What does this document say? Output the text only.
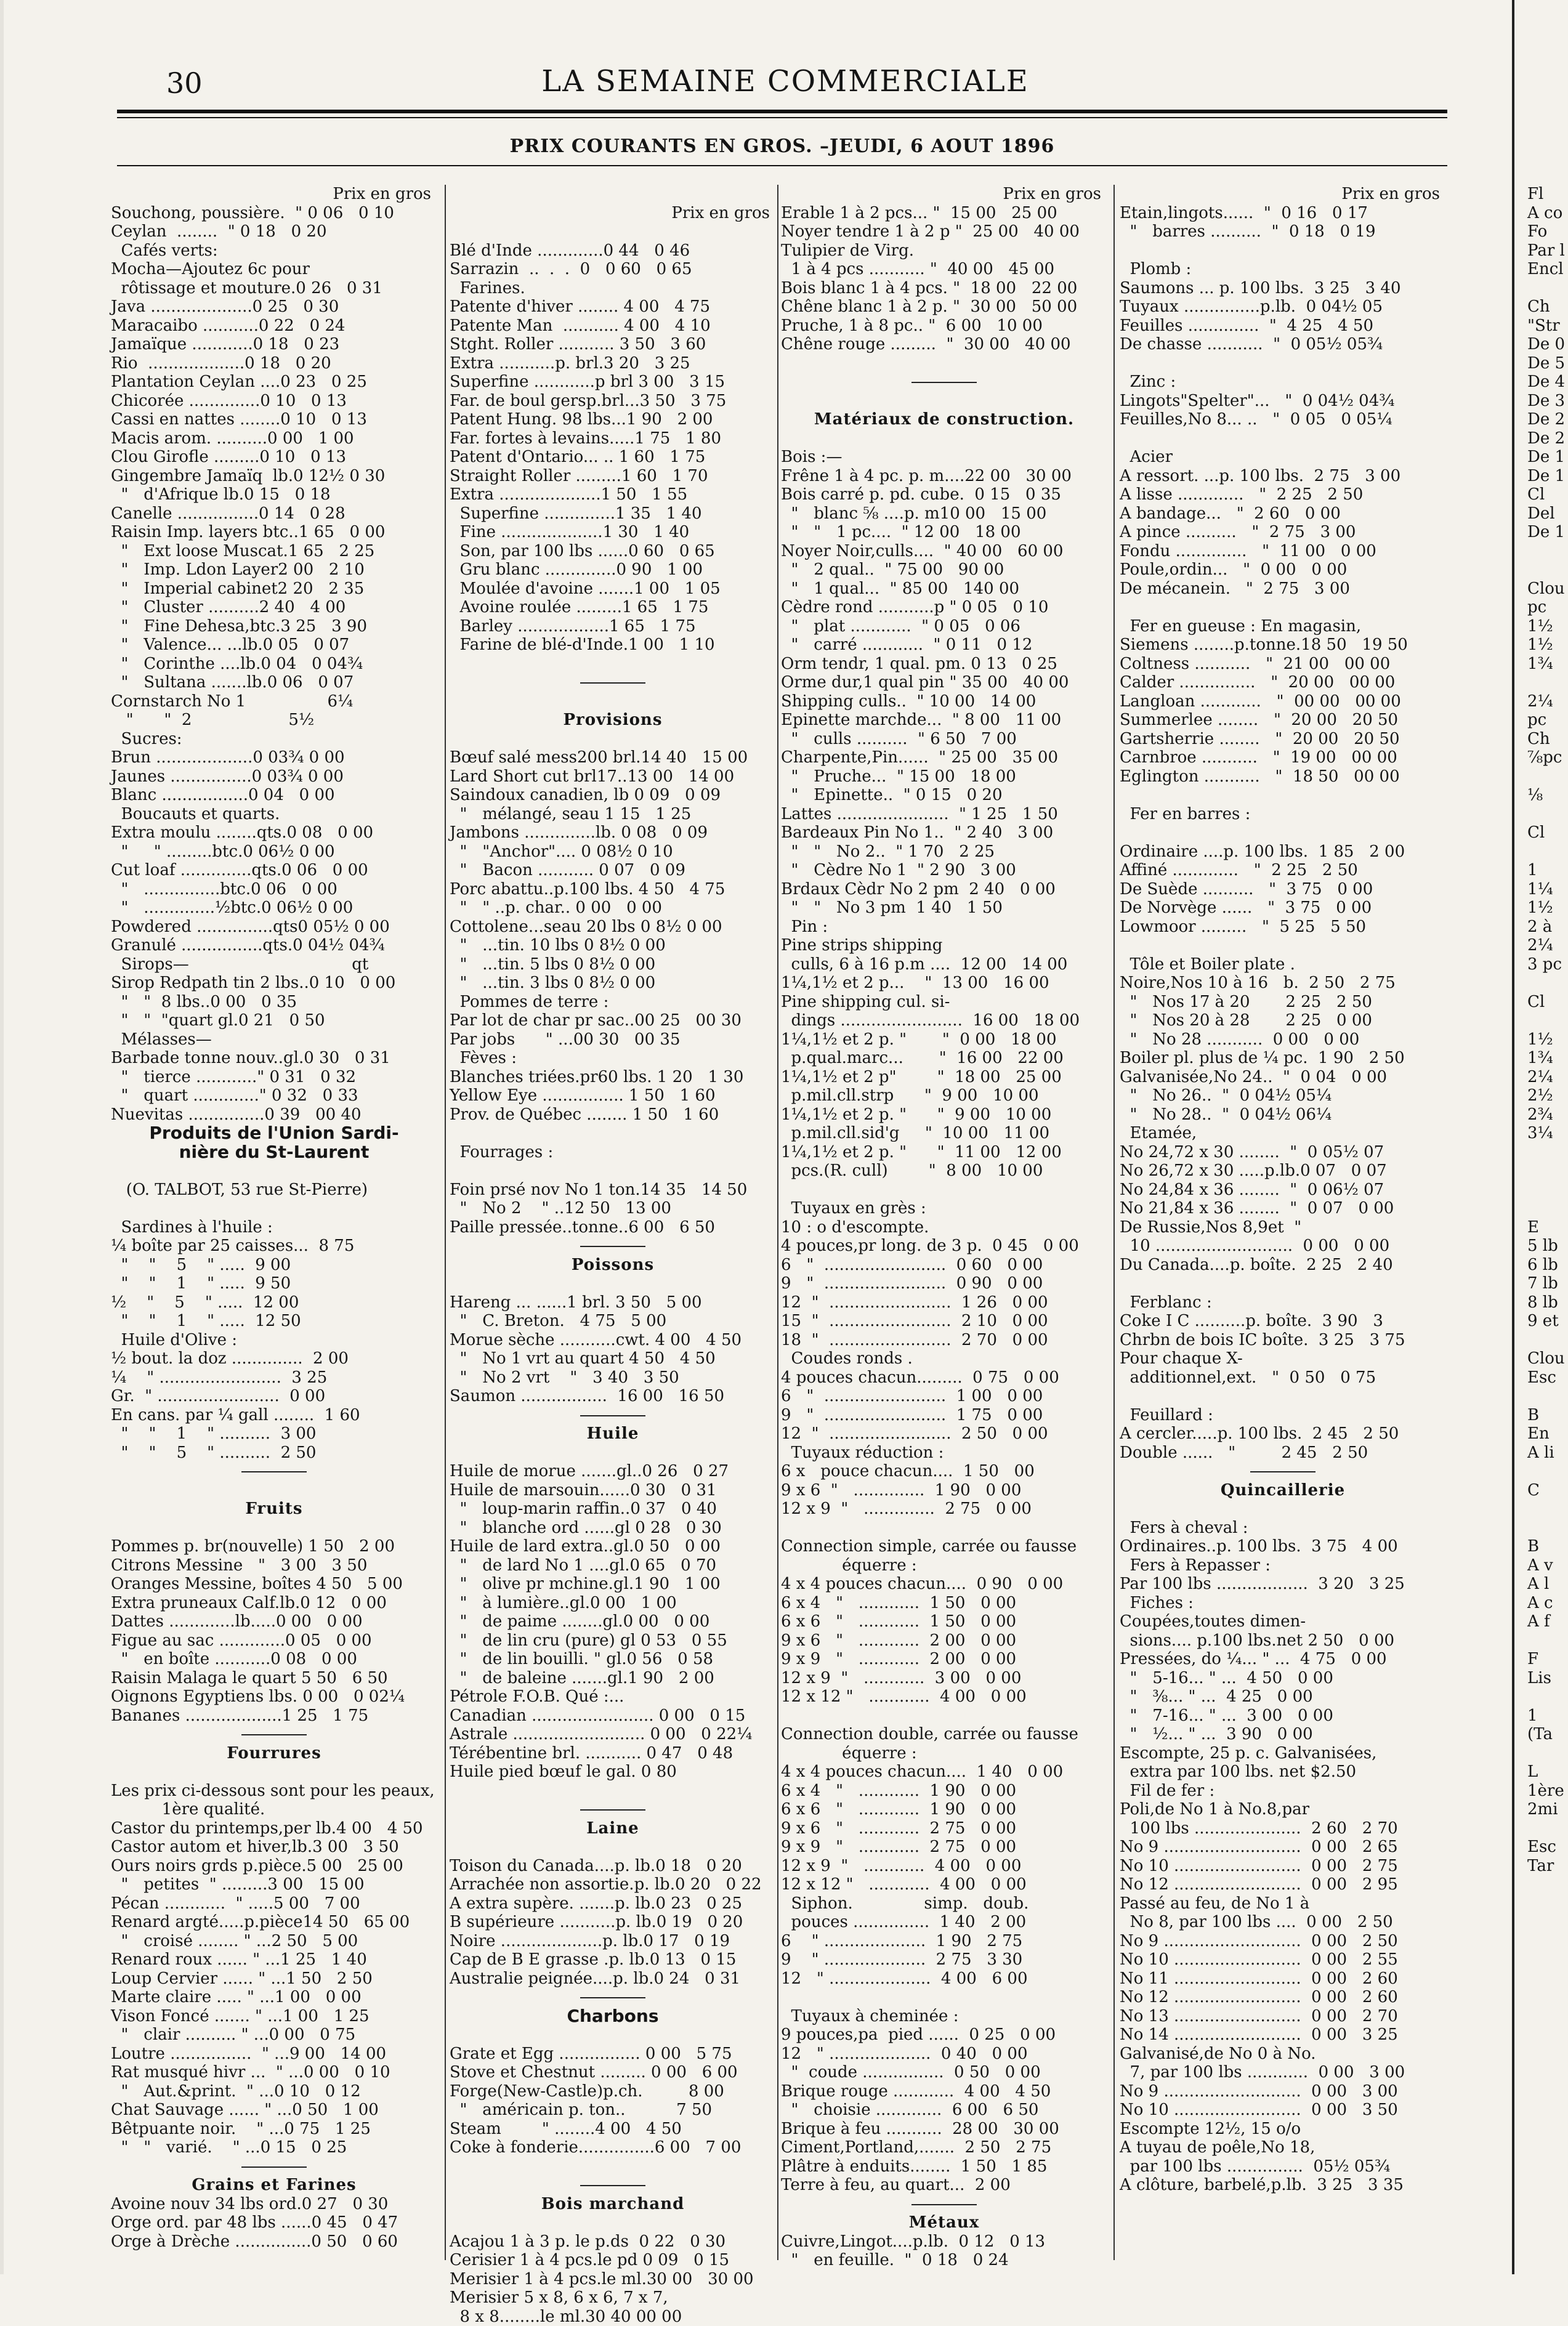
30	LA SEMAINE COMMERCIALE
PRIX COURANTS EN GROS. –JEUDI, 6 AOUT 1896
Prix en gros
Souchong, poussière.  " 0 06   0 10
Ceylan  ........  " 0 18   0 20
Cafés verts:
Mocha—Ajoutez 6c pour
rôtissage et mouture.0 26   0 31
Java ....................0 25   0 30
Maracaibo ...........0 22   0 24
Jamaïque ............0 18   0 23
Rio  ...................0 18   0 20
Plantation Ceylan ....0 23   0 25
Chicorée ..............0 10   0 13
Cassi en nattes ........0 10   0 13
Macis arom. ..........0 00   1 00
Clou Girofle .........0 10   0 13
Gingembre Jamaïq  lb.0 12½ 0 30
"   d'Afrique lb.0 15   0 18
Canelle ................0 14   0 28
Raisin Imp. layers btc..1 65   0 00
"   Ext loose Muscat.1 65   2 25
"   Imp. Ldon Layer2 00   2 10
"   Imperial cabinet2 20   2 35
"   Cluster ..........2 40   4 00
"   Fine Dehesa,btc.3 25   3 90
"   Valence... ...lb.0 05   0 07
"   Corinthe ....lb.0 04   0 04¾
"   Sultana .......lb.0 06   0 07
Cornstarch No 1                6¼
"      "  2                   5½
Sucres:
Brun ...................0 03¾ 0 00
Jaunes ................0 03¾ 0 00
Blanc .................0 04   0 00
Boucauts et quarts.
Extra moulu ........qts.0 08   0 00
"     " .........btc.0 06½ 0 00
Cut loaf ..............qts.0 06   0 00
"   ...............btc.0 06   0 00
"   ..............½btc.0 06½ 0 00
Powdered ...............qts0 05½ 0 00
Granulé ................qts.0 04½ 04¾
Sirops—                                qt
Sirop Redpath tin 2 lbs..0 10   0 00
"   "  8 lbs..0 00   0 35
"   "  "quart gl.0 21   0 50
Mélasses—
Barbade tonne nouv..gl.0 30   0 31
"   tierce ............" 0 31   0 32
"   quart ............." 0 32   0 33
Nuevitas ...............0 39   00 40
Produits de l'Union Sardi-
nière du St-Laurent
(O. TALBOT, 53 rue St-Pierre)
Sardines à l'huile :
¼ boîte par 25 caisses...  8 75
"    "    5    " .....  9 00
"    "    1    " .....  9 50
½    "    5    " .....  12 00
"    "    1    " .....  12 50
Huile d'Olive :
½ bout. la doz ..............  2 00
¼    " ........................  3 25
Gr.  " ........................  0 00
En cans. par ¼ gall ........  1 60
"    "    1    " ..........  3 00
"    "    5    " ..........  2 50
Fruits
Pommes p. br(nouvelle) 1 50   2 00
Citrons Messine   "   3 00   3 50
Oranges Messine, boîtes 4 50   5 00
Extra pruneaux Calf.lb.0 12   0 00
Dattes .............lb.....0 00   0 00
Figue au sac .............0 05   0 00
"   en boîte ...........0 08   0 00
Raisin Malaga le quart 5 50   6 50
Oignons Egyptiens lbs. 0 00   0 02¼
Bananes ...................1 25   1 75
Fourrures
Les prix ci-dessous sont pour les peaux,
1ère qualité.
Castor du printemps,per lb.4 00   4 50
Castor autom et hiver,lb.3 00   3 50
Ours noirs grds p.pièce.5 00   25 00
"   petites  " .........3 00   15 00
Pécan ............  " .....5 00   7 00
Renard argté.....p.pièce14 50   65 00
"   croisé ........ " ...2 50   5 00
Renard roux ...... " ...1 25   1 40
Loup Cervier ...... " ...1 50   2 50
Marte claire ..... " ...1 00   0 00
Vison Foncé ....... " ...1 00   1 25
"   clair .......... " ...0 00   0 75
Loutre ................  " ...9 00   14 00
Rat musqué hivr ...  " ...0 00   0 10
"   Aut.&print.  " ...0 10   0 12
Chat Sauvage ...... " ...0 50   1 00
Bêtpuante noir.    " ...0 75   1 25
"   "   varié.    " ...0 15   0 25
Grains et Farines
Avoine nouv 34 lbs ord.0 27   0 30
Orge ord. par 48 lbs ......0 45   0 47
Orge à Drèche ...............0 50   0 60
Prix en gros
Blé d'Inde .............0 44   0 46
Sarrazin  ..  .  .  0   0 60   0 65
Farines.
Patente d'hiver ........ 4 00   4 75
Patente Man  ........... 4 00   4 10
Stght. Roller ........... 3 50   3 60
Extra ...........p. brl.3 20   3 25
Superfine ............p brl 3 00   3 15
Far. de boul gersp.brl...3 50   3 75
Patent Hung. 98 lbs...1 90   2 00
Far. fortes à levains.....1 75   1 80
Patent d'Ontario... .. 1 60   1 75
Straight Roller .........1 60   1 70
Extra ....................1 50   1 55
Superfine ..............1 35   1 40
Fine ....................1 30   1 40
Son, par 100 lbs ......0 60   0 65
Gru blanc ..............0 90   1 00
Moulée d'avoine .......1 00   1 05
Avoine roulée .........1 65   1 75
Barley ..................1 65   1 75
Farine de blé-d'Inde.1 00   1 10
Provisions
Bœuf salé mess200 brl.14 40   15 00
Lard Short cut brl17..13 00   14 00
Saindoux canadien, lb 0 09   0 09
"   mélangé, seau 1 15   1 25
Jambons ..............lb. 0 08   0 09
"   "Anchor".... 0 08½ 0 10
"   Bacon ........... 0 07   0 09
Porc abattu..p.100 lbs. 4 50   4 75
"   " ..p. char.. 0 00   0 00
Cottolene...seau 20 lbs 0 8½ 0 00
"   ...tin. 10 lbs 0 8½ 0 00
"   ...tin. 5 lbs 0 8½ 0 00
"   ...tin. 3 lbs 0 8½ 0 00
Pommes de terre :
Par lot de char pr sac..00 25   00 30
Par jobs      " ...00 30   00 35
Fèves :
Blanches triées.pr60 lbs. 1 20   1 30
Yellow Eye ................ 1 50   1 60
Prov. de Québec ........ 1 50   1 60
Fourrages :
Foin prsé nov No 1 ton.14 35   14 50
"   No 2    " ..12 50   13 00
Paille pressée..tonne..6 00   6 50
Poissons
Hareng ... ......1 brl. 3 50   5 00
"   C. Breton.   4 75   5 00
Morue sèche ...........cwt. 4 00   4 50
"   No 1 vrt au quart 4 50   4 50
"   No 2 vrt    "   3 40   3 50
Saumon .................  16 00   16 50
Huile
Huile de morue .......gl..0 26   0 27
Huile de marsouin......0 30   0 31
"   loup-marin raffin..0 37   0 40
"   blanche ord ......gl 0 28   0 30
Huile de lard extra..gl.0 50   0 00
"   de lard No 1 ....gl.0 65   0 70
"   olive pr mchine.gl.1 90   1 00
"   à lumière..gl.0 00   1 00
"   de paime ........gl.0 00   0 00
"   de lin cru (pure) gl 0 53   0 55
"   de lin bouilli. " gl.0 56   0 58
"   de baleine .......gl.1 90   2 00
Pétrole F.O.B. Qué :...
Canadian ........................ 0 00   0 15
Astrale .......................... 0 00   0 22¼
Térébentine brl. ........... 0 47   0 48
Huile pied bœuf le gal. 0 80
Laine
Toison du Canada....p. lb.0 18   0 20
Arrachée non assortie.p. lb.0 20   0 22
A extra supère. .......p. lb.0 23   0 25
B supérieure ...........p. lb.0 19   0 20
Noire ....................p. lb.0 17   0 19
Cap de B E grasse .p. lb.0 13   0 15
Australie peignée....p. lb.0 24   0 31
Charbons
Grate et Egg ................ 0 00   5 75
Stove et Chestnut ......... 0 00   6 00
Forge(New-Castle)p.ch.         8 00
"   américain p. ton..          7 50
Steam        " ........4 00   4 50
Coke à fonderie...............6 00   7 00
Bois marchand
Acajou 1 à 3 p. le p.ds  0 22   0 30
Cerisier 1 à 4 pcs.le pd 0 09   0 15
Merisier 1 à 4 pcs.le ml.30 00   30 00
Merisier 5 x 8, 6 x 6, 7 x 7,
8 x 8........le ml.30 40 00 00
Prix en gros
Erable 1 à 2 pcs... "  15 00   25 00
Noyer tendre 1 à 2 p "  25 00   40 00
Tulipier de Virg.
1 à 4 pcs ........... "  40 00   45 00
Bois blanc 1 à 4 pcs. "  18 00   22 00
Chêne blanc 1 à 2 p. "  30 00   50 00
Pruche, 1 à 8 pc.. "  6 00   10 00
Chêne rouge .........  "  30 00   40 00
Matériaux de construction.
Bois :—
Frêne 1 à 4 pc. p. m....22 00   30 00
Bois carré p. pd. cube.  0 15   0 35
"   blanc ⅝ ....p. m10 00   15 00
"   "   1 pc....  " 12 00   18 00
Noyer Noir,culls....  " 40 00   60 00
"   2 qual..  " 75 00   90 00
"   1 qual...  " 85 00   140 00
Cèdre rond ...........p " 0 05   0 10
"   plat ............  " 0 05   0 06
"   carré ............  " 0 11   0 12
Orm tendr, 1 qual. pm. 0 13   0 25
Orme dur,1 qual pin " 35 00   40 00
Shipping culls..  " 10 00   14 00
Epinette marchde...  " 8 00   11 00
"   culls ..........  " 6 50   7 00
Charpente,Pin......  " 25 00   35 00
"   Pruche...  " 15 00   18 00
"   Epinette..  " 0 15   0 20
Lattes ......................  " 1 25   1 50
Bardeaux Pin No 1..  " 2 40   3 00
"   "   No 2..  " 1 70   2 25
"   Cèdre No 1  " 2 90   3 00
Brdaux Cèdr No 2 pm  2 40   0 00
"   "   No 3 pm  1 40   1 50
Pin :
Pine strips shipping
culls, 6 à 16 p.m ....  12 00   14 00
1¼,1½ et 2 p...    "  13 00   16 00
Pine shipping cul. si-
dings ........................  16 00   18 00
1¼,1½ et 2 p. "       "  0 00   18 00
p.qual.marc...       "  16 00   22 00
1¼,1½ et 2 p"        "  18 00   25 00
p.mil.cll.strp      "  9 00   10 00
1¼,1½ et 2 p. "      "  9 00   10 00
p.mil.cll.sid'g     "  10 00   11 00
1¼,1½ et 2 p. "      "  11 00   12 00
pcs.(R. cull)        "  8 00   10 00
Tuyaux en grès :
10 : o d'escompte.
4 pouces,pr long. de 3 p.  0 45   0 00
6   "  ........................  0 60   0 00
9   "  ........................  0 90   0 00
12  "  ........................  1 26   0 00
15  "  ........................  2 10   0 00
18  "  ........................  2 70   0 00
Coudes ronds .
4 pouces chacun.........  0 75   0 00
6   "  ........................  1 00   0 00
9   "  ........................  1 75   0 00
12  "  ........................  2 50   0 00
Tuyaux réduction :
6 x   pouce chacun....  1 50   00
9 x 6  "   ..............  1 90   0 00
12 x 9  "   ..............  2 75   0 00
Connection simple, carrée ou fausse
équerre :
4 x 4 pouces chacun....  0 90   0 00
6 x 4   "   ............  1 50   0 00
6 x 6   "   ............  1 50   0 00
9 x 6   "   ............  2 00   0 00
9 x 9   "   ............  2 00   0 00
12 x 9  "   ............  3 00   0 00
12 x 12 "   ............  4 00   0 00
Connection double, carrée ou fausse
équerre :
4 x 4 pouces chacun....  1 40   0 00
6 x 4   "   ............  1 90   0 00
6 x 6   "   ............  1 90   0 00
9 x 6   "   ............  2 75   0 00
9 x 9   "   ............  2 75   0 00
12 x 9  "   ............  4 00   0 00
12 x 12 "   ............  4 00   0 00
Siphon.              simp.   doub.
pouces ...............  1 40   2 00
6    " ....................  1 90   2 75
9    " ....................  2 75   3 30
12   " ....................  4 00   6 00
Tuyaux à cheminée :
9 pouces,pa  pied ......  0 25   0 00
12   " ....................  0 40   0 00
"  coude ................  0 50   0 00
Brique rouge ............  4 00   4 50
"   choisie .............  6 00   6 50
Brique à feu ...........  28 00   30 00
Ciment,Portland,.......  2 50   2 75
Plâtre à enduits........  1 50   1 85
Terre à feu, au quart...  2 00
Métaux
Cuivre,Lingot....p.lb.  0 12   0 13
"   en feuille.  "  0 18   0 24
Prix en gros
Etain,lingots......  "  0 16   0 17
"   barres ..........  "  0 18   0 19
Plomb :
Saumons ... p. 100 lbs.  3 25   3 40
Tuyaux ...............p.lb.  0 04½ 05
Feuilles ..............  "  4 25   4 50
De chasse ...........  "  0 05½ 05¾
Zinc :
Lingots"Spelter"...   "  0 04½ 04¾
Feuilles,No 8... ..   "  0 05   0 05¼
Acier
A ressort. ...p. 100 lbs.  2 75   3 00
A lisse .............   "  2 25   2 50
A bandage...   "  2 60   0 00
A pince ..........   "  2 75   3 00
Fondu ..............   "  11 00   0 00
Poule,ordin...   "  0 00   0 00
De mécanein.   "  2 75   3 00
Fer en gueuse : En magasin,
Siemens ........p.tonne.18 50   19 50
Coltness ...........   "  21 00   00 00
Calder ...............   "  20 00   00 00
Langloan ............   "  00 00   00 00
Summerlee ........   "  20 00   20 50
Gartsherrie ........   "  20 00   20 50
Carnbroe ...........   "  19 00   00 00
Eglington ...........   "  18 50   00 00
Fer en barres :
Ordinaire ....p. 100 lbs.  1 85   2 00
Affiné .............   "  2 25   2 50
De Suède ..........   "  3 75   0 00
De Norvège ......   "  3 75   0 00
Lowmoor .........   "  5 25   5 50
Tôle et Boiler plate .
Noire,Nos 10 à 16   b.  2 50   2 75
"   Nos 17 à 20       2 25   2 50
"   Nos 20 à 28       2 25   0 00
"   No 28 ...........  0 00   0 00
Boiler pl. plus de ¼ pc.  1 90   2 50
Galvanisée,No 24..  "  0 04   0 00
"   No 26..  "  0 04½ 05¼
"   No 28..  "  0 04½ 06¼
Etamée,
No 24,72 x 30 ........  "  0 05½ 07
No 26,72 x 30 .....p.lb.0 07   0 07
No 24,84 x 36 ........  "  0 06½ 07
No 21,84 x 36 ........  "  0 07   0 00
De Russie,Nos 8,9et  "
10 ...........................  0 00   0 00
Du Canada....p. boîte.  2 25   2 40
Ferblanc :
Coke I C ..........p. boîte.  3 90   3
Chrbn de bois IC boîte.  3 25   3 75
Pour chaque X-
additionnel,ext.   "  0 50   0 75
Feuillard :
A cercler.....p. 100 lbs.  2 45   2 50
Double ......   "         2 45   2 50
Quincaillerie
Fers à cheval :
Ordinaires..p. 100 lbs.  3 75   4 00
Fers à Repasser :
Par 100 lbs ..................  3 20   3 25
Fiches :
Coupées,toutes dimen-
sions.... p.100 lbs.net 2 50   0 00
Pressées, do ¼... " ...  4 75   0 00
"   5-16... " ...  4 50   0 00
"   ⅜... " ...  4 25   0 00
"   7-16... " ...  3 00   0 00
"   ½... " ...  3 90   0 00
Escompte, 25 p. c. Galvanisées,
extra par 100 lbs. net $2.50
Fil de fer :
Poli,de No 1 à No.8,par
100 lbs .....................  2 60   2 70
No 9 ...........................  0 00   2 65
No 10 .........................  0 00   2 75
No 12 .........................  0 00   2 95
Passé au feu, de No 1 à
No 8, par 100 lbs ....  0 00   2 50
No 9 ...........................  0 00   2 50
No 10 .........................  0 00   2 55
No 11 .........................  0 00   2 60
No 12 .........................  0 00   2 60
No 13 .........................  0 00   2 70
No 14 .........................  0 00   3 25
Galvanisé,de No 0 à No.
7, par 100 lbs ............  0 00   3 00
No 9 ...........................  0 00   3 00
No 10 .........................  0 00   3 50
Escompte 12½, 15 o/o
A tuyau de poêle,No 18,
par 100 lbs ...............  05½ 05¾
A clôture, barbelé,p.lb.  3 25   3 35
Fl
A co
Fo
Par l
Encl
Ch
"Str
De 0
De 5
De 4
De 3
De 2
De 2
De 1
De 1
Cl
Del
De 1
Clou
pc
1½
1½
1¾
2¼
pc
Ch
⅞pc
⅛
Cl
1
1¼
1½
2 à
2¼
3 pc
Cl
1½
1¾
2¼
2½
2¾
3¼
E
5 lb
6 lb
7 lb
8 lb
9 et
Clou
Esc
B
En
A li
C
B
A v
A l
A c
A f
F
Lis
1
(Ta
L
1ère
2mi
Esc
Tar
